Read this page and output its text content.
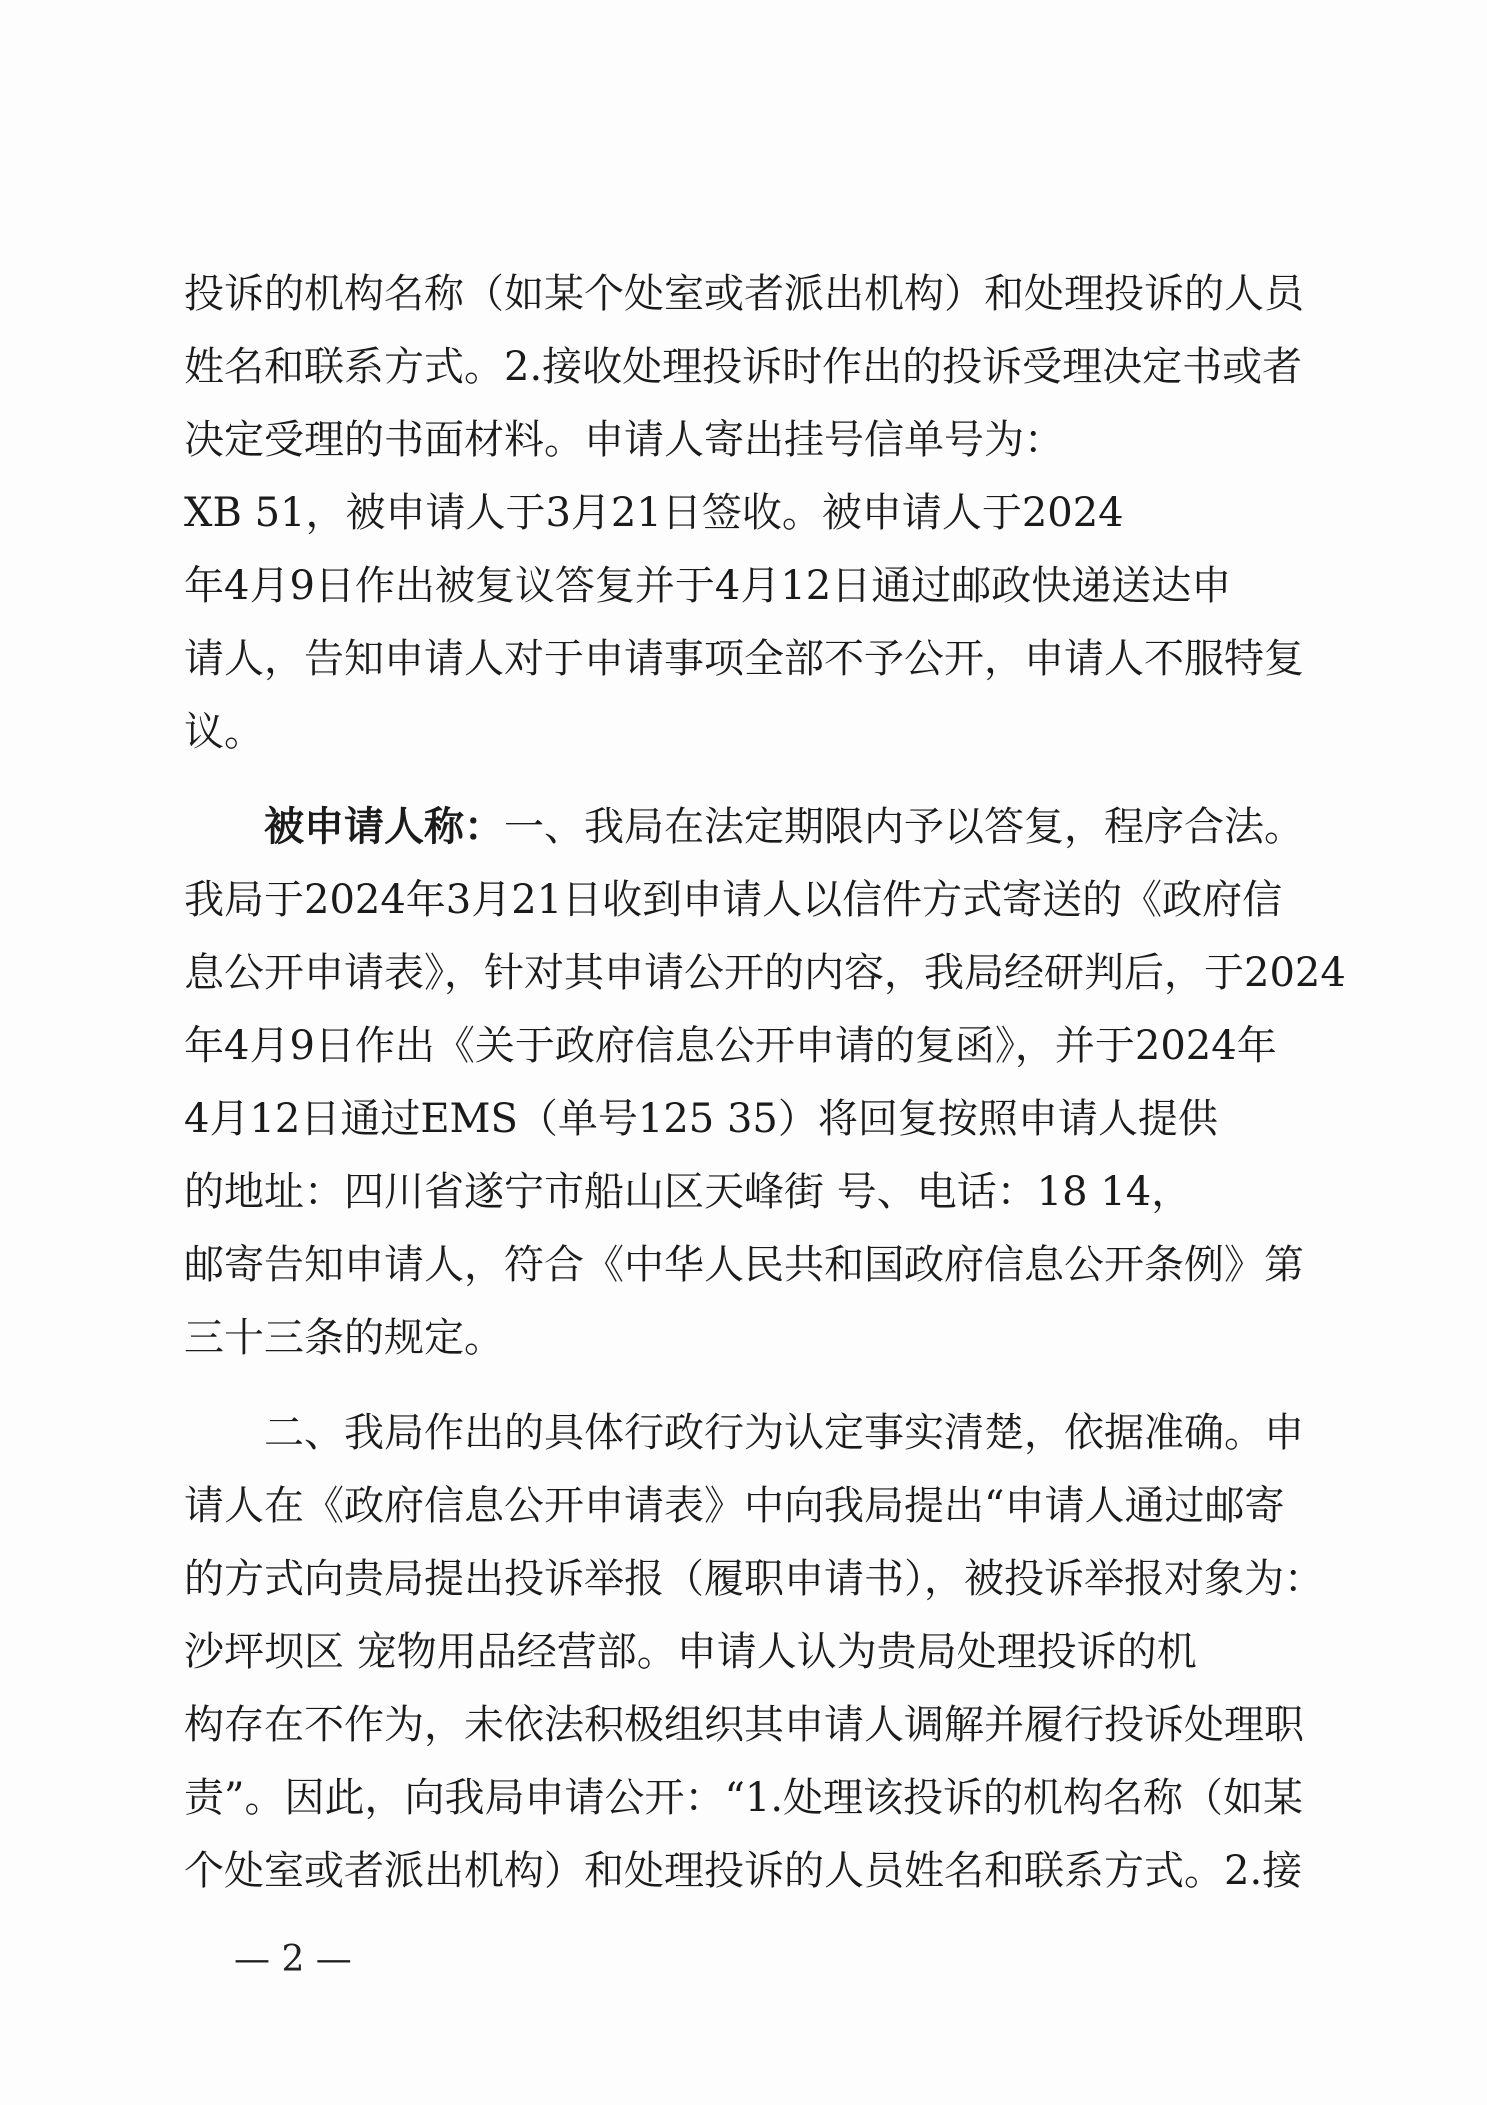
投诉的机构名称（如某个处室或者派出机构）和处理投诉的人员
姓名和联系方式。2.接收处理投诉时作出的投诉受理决定书或者
决定受理的书面材料。申请人寄出挂号信单号为：
XB 51，被申请人于3月21日签收。被申请人于2024
年4月9日作出被复议答复并于4月12日通过邮政快递送达申
请人，告知申请人对于申请事项全部不予公开，申请人不服特复
议。
被申请人称：一、我局在法定期限内予以答复，程序合法。
我局于2024年3月21日收到申请人以信件方式寄送的《政府信
息公开申请表》，针对其申请公开的内容，我局经研判后，于2024
年4月9日作出《关于政府信息公开申请的复函》，并于2024年
4月12日通过EMS（单号125 35）将回复按照申请人提供
的地址：四川省遂宁市船山区天峰街 号、电话：18 14，
邮寄告知申请人，符合《中华人民共和国政府信息公开条例》第
三十三条的规定。
二、我局作出的具体行政行为认定事实清楚，依据准确。申
请人在《政府信息公开申请表》中向我局提出“申请人通过邮寄
的方式向贵局提出投诉举报（履职申请书），被投诉举报对象为：
沙坪坝区 宠物用品经营部。申请人认为贵局处理投诉的机
构存在不作为，未依法积极组织其申请人调解并履行投诉处理职
责”。因此，向我局申请公开：“1.处理该投诉的机构名称（如某
个处室或者派出机构）和处理投诉的人员姓名和联系方式。2.接
— 2 —
